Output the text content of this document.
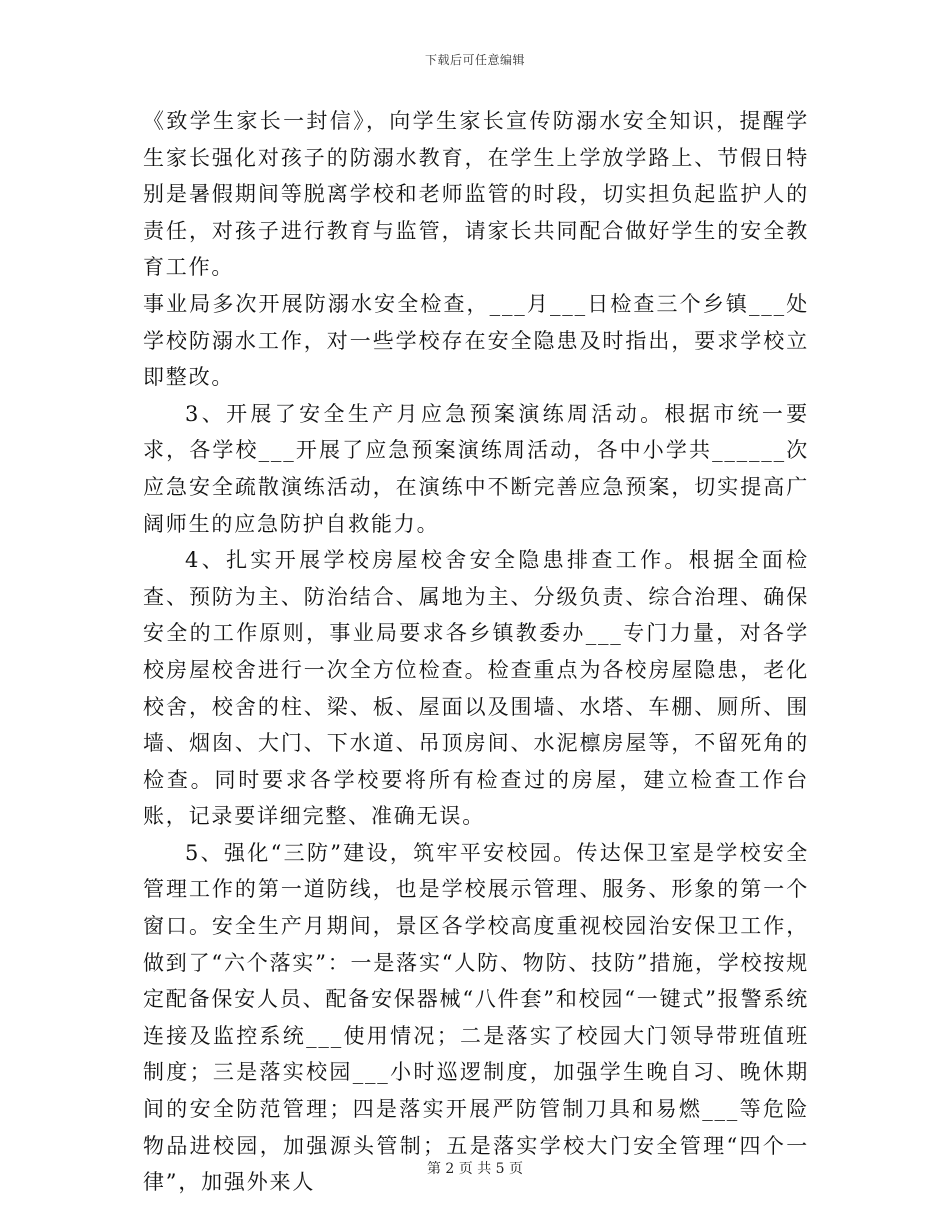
下载后可任意编辑

《致学生家长一封信》，向学生家长宣传防溺水安全知识，提醒学生家长强化对孩子的防溺水教育，在学生上学放学路上、节假日特别是暑假期间等脱离学校和老师监管的时段，切实担负起监护人的责任，对孩子进行教育与监管，请家长共同配合做好学生的安全教育工作。

事业局多次开展防溺水安全检查，___月___日检查三个乡镇___处学校防溺水工作，对一些学校存在安全隐患及时指出，要求学校立即整改。

3、开展了安全生产月应急预案演练周活动。根据市统一要求，各学校___开展了应急预案演练周活动，各中小学共______次应急安全疏散演练活动，在演练中不断完善应急预案，切实提高广阔师生的应急防护自救能力。

4、扎实开展学校房屋校舍安全隐患排查工作。根据全面检查、预防为主、防治结合、属地为主、分级负责、综合治理、确保安全的工作原则，事业局要求各乡镇教委办___专门力量，对各学校房屋校舍进行一次全方位检查。检查重点为各校房屋隐患，老化校舍，校舍的柱、梁、板、屋面以及围墙、水塔、车棚、厕所、围墙、烟囱、大门、下水道、吊顶房间、水泥檩房屋等，不留死角的检查。同时要求各学校要将所有检查过的房屋，建立检查工作台账，记录要详细完整、准确无误。

5、强化“三防”建设，筑牢平安校园。传达保卫室是学校安全管理工作的第一道防线，也是学校展示管理、服务、形象的第一个窗口。安全生产月期间，景区各学校高度重视校园治安保卫工作，做到了“六个落实”：一是落实“人防、物防、技防”措施，学校按规定配备保安人员、配备安保器械“八件套”和校园“一键式”报警系统连接及监控系统___使用情况；二是落实了校园大门领导带班值班制度；三是落实校园___小时巡逻制度，加强学生晚自习、晚休期间的安全防范管理；四是落实开展严防管制刀具和易燃___等危险物品进校园，加强源头管制；五是落实学校大门安全管理“四个一律”，加强外来人

第 2 页 共 5 页
